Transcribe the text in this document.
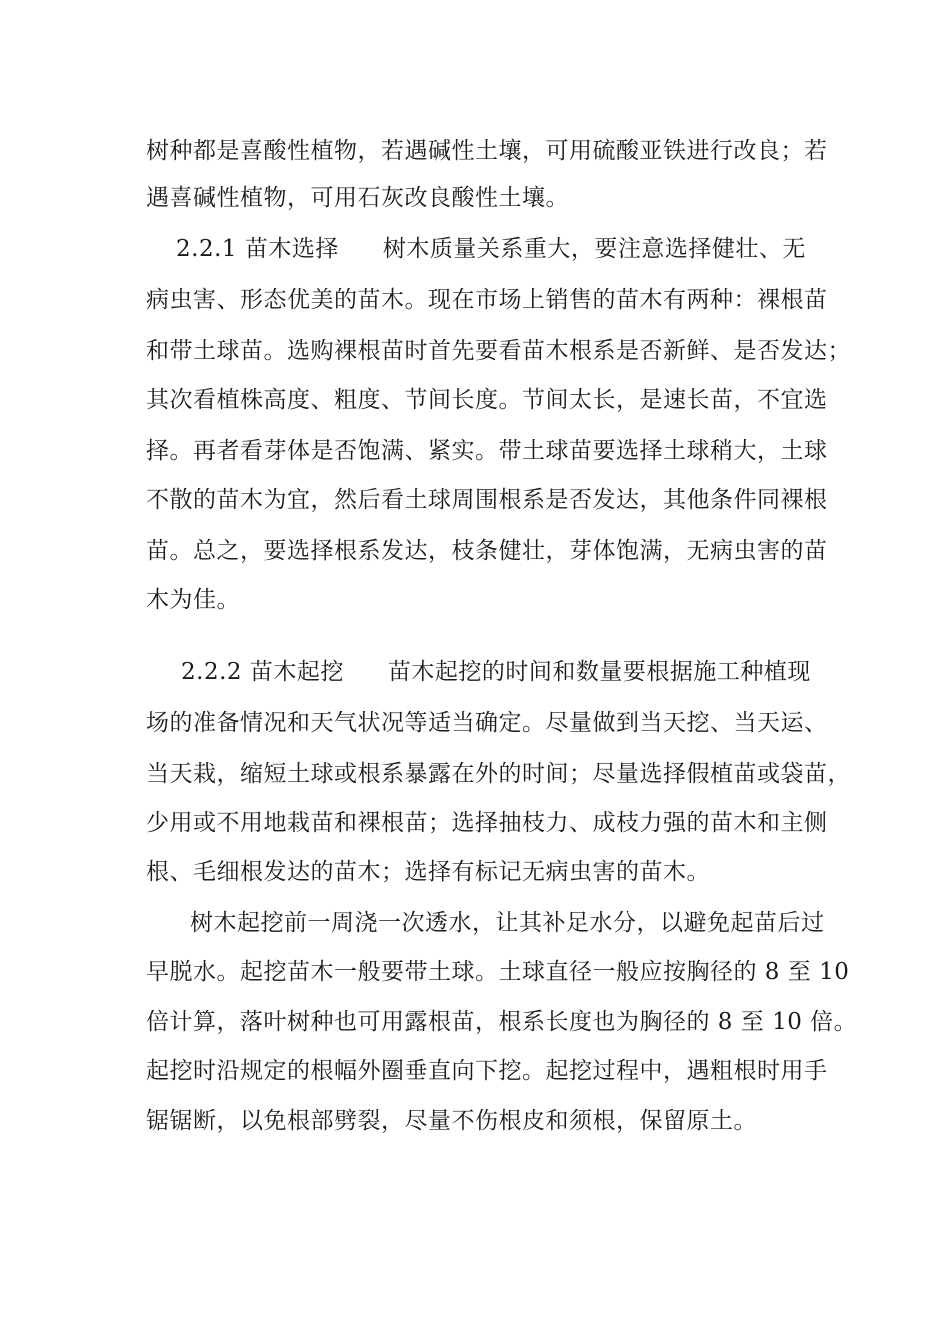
树种都是喜酸性植物，若遇碱性土壤，可用硫酸亚铁进行改良；若
遇喜碱性植物，可用石灰改良酸性土壤。
2.2.1 苗木选择 树木质量关系重大，要注意选择健壮、无
病虫害、形态优美的苗木。现在市场上销售的苗木有两种：裸根苗
和带土球苗。选购裸根苗时首先要看苗木根系是否新鲜、是否发达；
其次看植株高度、粗度、节间长度。节间太长，是速长苗，不宜选
择。再者看芽体是否饱满、紧实。带土球苗要选择土球稍大，土球
不散的苗木为宜，然后看土球周围根系是否发达，其他条件同裸根
苗。总之，要选择根系发达，枝条健壮，芽体饱满，无病虫害的苗
木为佳。
2.2.2 苗木起挖 苗木起挖的时间和数量要根据施工种植现
场的准备情况和天气状况等适当确定。尽量做到当天挖、当天运、
当天栽，缩短土球或根系暴露在外的时间；尽量选择假植苗或袋苗，
少用或不用地栽苗和裸根苗；选择抽枝力、成枝力强的苗木和主侧
根、毛细根发达的苗木；选择有标记无病虫害的苗木。
树木起挖前一周浇一次透水，让其补足水分，以避免起苗后过
早脱水。起挖苗木一般要带土球。土球直径一般应按胸径的 8 至 10
倍计算，落叶树种也可用露根苗，根系长度也为胸径的 8 至 10 倍。
起挖时沿规定的根幅外圈垂直向下挖。起挖过程中，遇粗根时用手
锯锯断，以免根部劈裂，尽量不伤根皮和须根，保留原土。
